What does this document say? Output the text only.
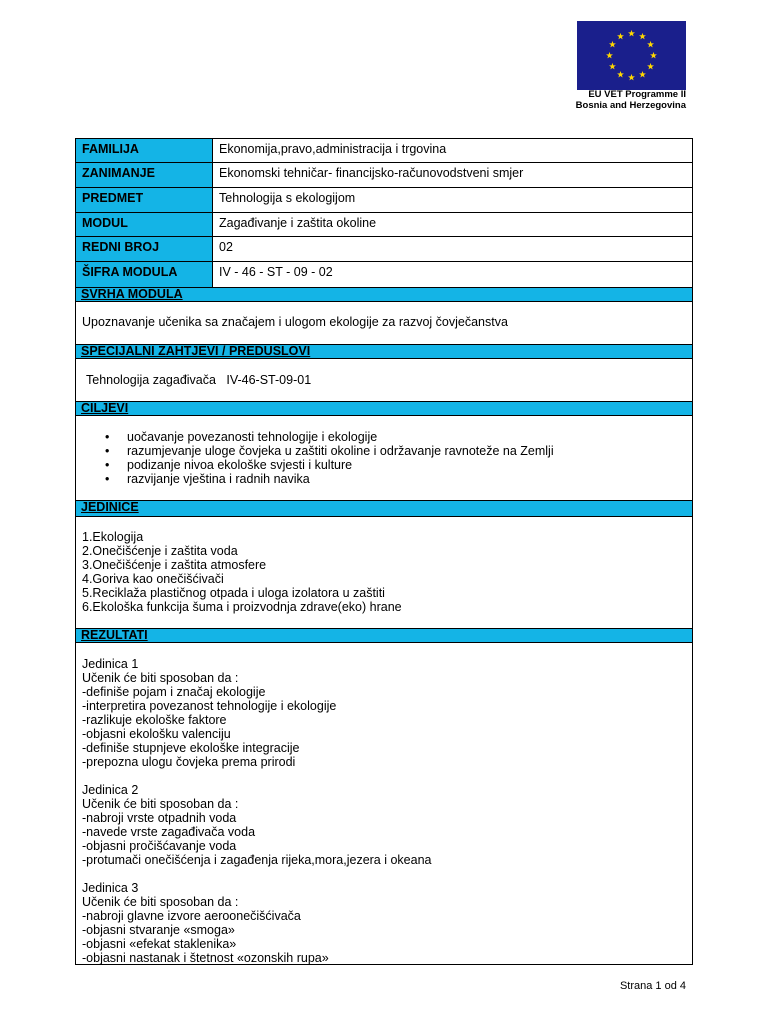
EU VET Programme II
Bosnia and Herzegovina
FAMILIJA	Ekonomija,pravo,administracija i trgovina
ZANIMANJE	Ekonomski tehničar- financijsko-računovodstveni smjer
PREDMET	Tehnologija s ekologijom
MODUL	Zagađivanje i zaštita okoline
REDNI BROJ	02
ŠIFRA MODULA	IV - 46 - ST - 09 - 02
SVRHA MODULA
Upoznavanje učenika sa značajem i ulogom ekologije za razvoj čovječanstva
SPECIJALNI ZAHTJEVI / PREDUSLOVI
Tehnologija zagađivača   IV-46-ST-09-01
CILJEVI
• uočavanje povezanosti tehnologije i ekologije
• razumjevanje uloge čovjeka u zaštiti okoline i održavanje ravnoteže na Zemlji
• podizanje nivoa ekološke svjesti i kulture
• razvijanje vještina i radnih navika
JEDINICE
1.Ekologija
2.Onečišćenje i zaštita voda
3.Onečišćenje i zaštita atmosfere
4.Goriva kao onečišćivači
5.Reciklaža plastičnog otpada i uloga izolatora u zaštiti
6.Ekološka funkcija šuma i proizvodnja zdrave(eko) hrane
REZULTATI
Jedinica 1
Učenik će biti sposoban da :
-definiše pojam i značaj ekologije
-interpretira povezanost tehnologije i ekologije
-razlikuje ekološke faktore
-objasni ekološku valenciju
-definiše stupnjeve ekološke integracije
-prepozna ulogu čovjeka prema prirodi
Jedinica 2
Učenik će biti sposoban da :
-nabroji vrste otpadnih voda
-navede vrste zagađivača voda
-objasni pročišćavanje voda
-protumači onečišćenja i zagađenja rijeka,mora,jezera i okeana
Jedinica 3
Učenik će biti sposoban da :
-nabroji glavne izvore aeroonečišćivača
-objasni stvaranje «smoga»
-objasni «efekat staklenika»
-objasni nastanak i štetnost «ozonskih rupa»
Strana 1 od 4
